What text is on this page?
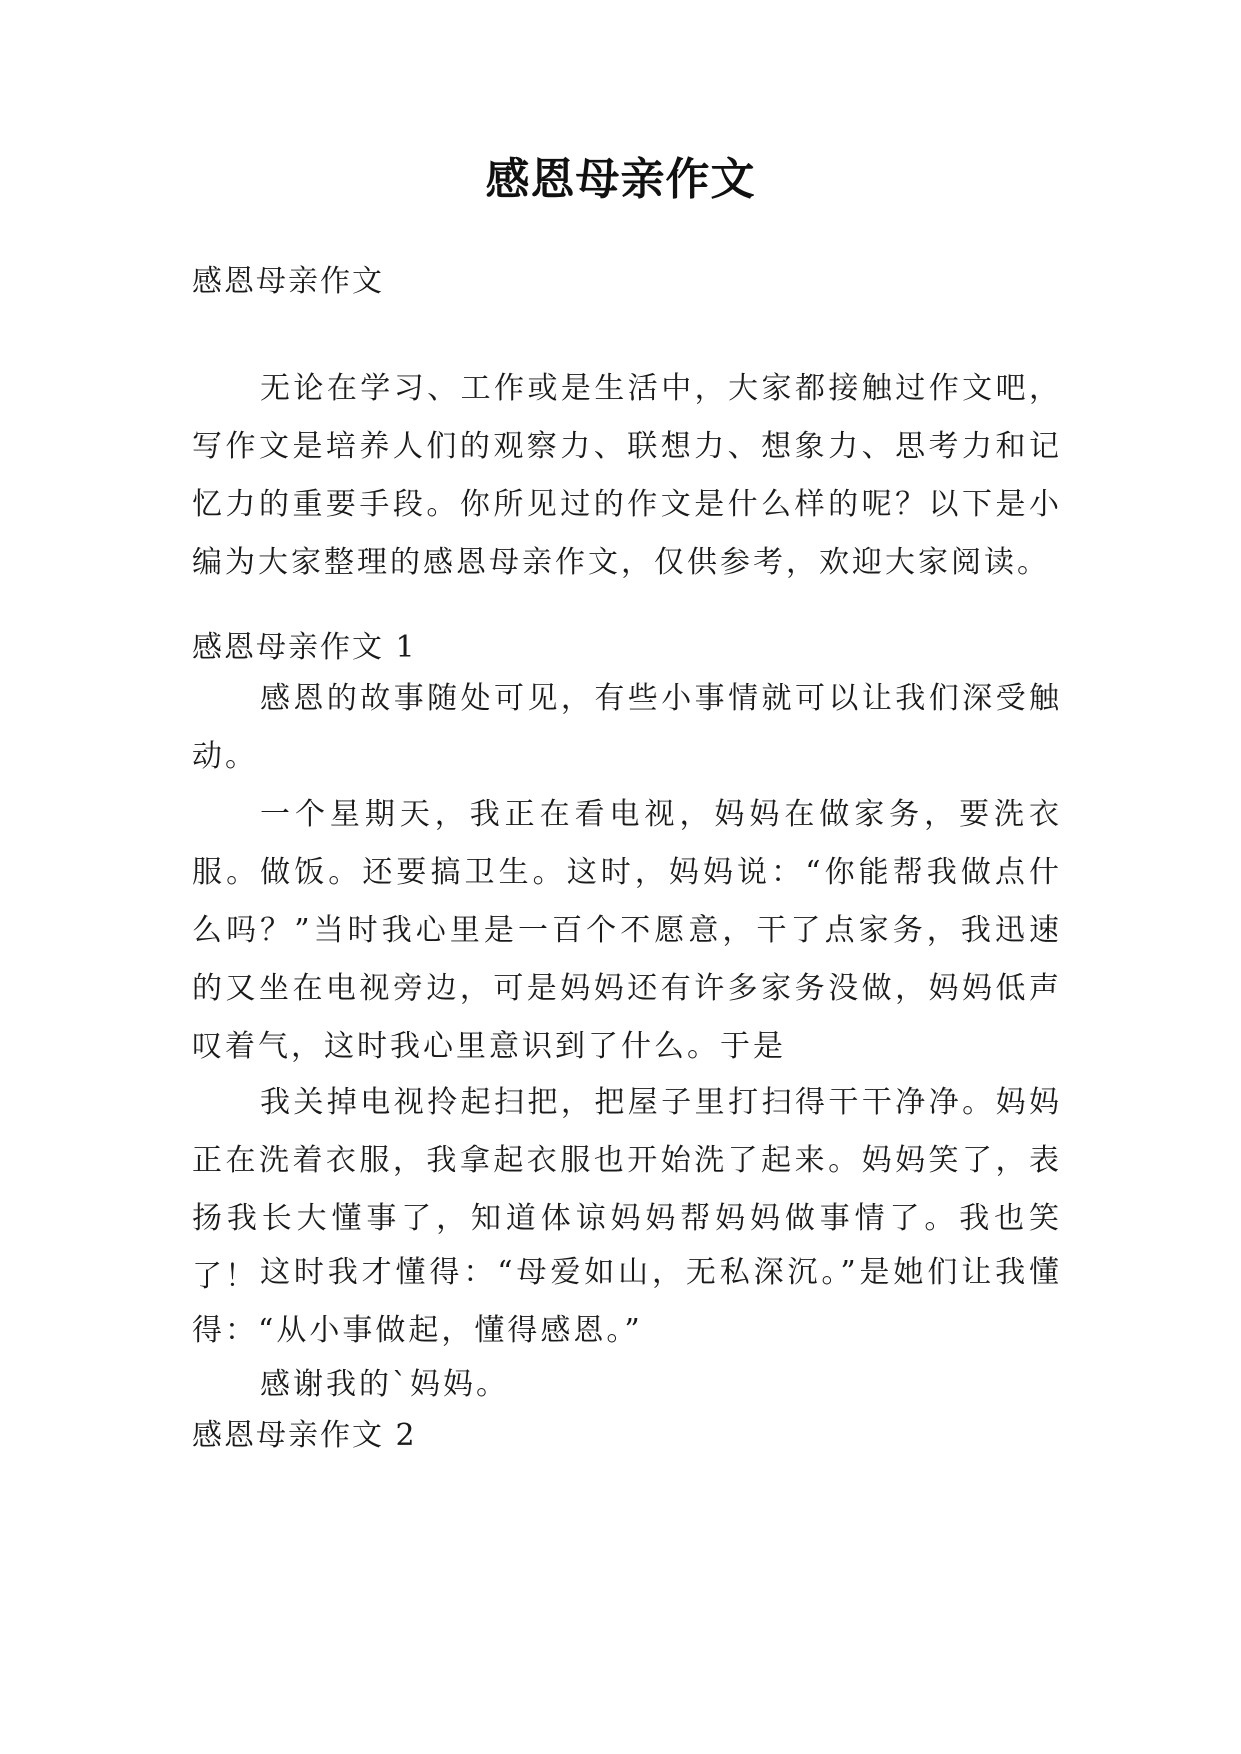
感恩母亲作文
感恩母亲作文

无论在学习、工作或是生活中，大家都接触过作文吧，写作文是培养人们的观察力、联想力、想象力、思考力和记忆力的重要手段。你所见过的作文是什么样的呢？以下是小编为大家整理的感恩母亲作文，仅供参考，欢迎大家阅读。

感恩母亲作文 1

感恩的故事随处可见，有些小事情就可以让我们深受触动。

一个星期天，我正在看电视，妈妈在做家务，要洗衣服。做饭。还要搞卫生。这时，妈妈说：“你能帮我做点什么吗？”当时我心里是一百个不愿意，干了点家务，我迅速的又坐在电视旁边，可是妈妈还有许多家务没做，妈妈低声叹着气，这时我心里意识到了什么。于是

我关掉电视拎起扫把，把屋子里打扫得干干净净。妈妈正在洗着衣服，我拿起衣服也开始洗了起来。妈妈笑了，表扬我长大懂事了，知道体谅妈妈帮妈妈做事情了。我也笑了！ 这时我才懂得：“母爱如山，无私深沉。”是她们让我懂得：“从小事做起，懂得感恩。”

感谢我的`妈妈。

感恩母亲作文 2
